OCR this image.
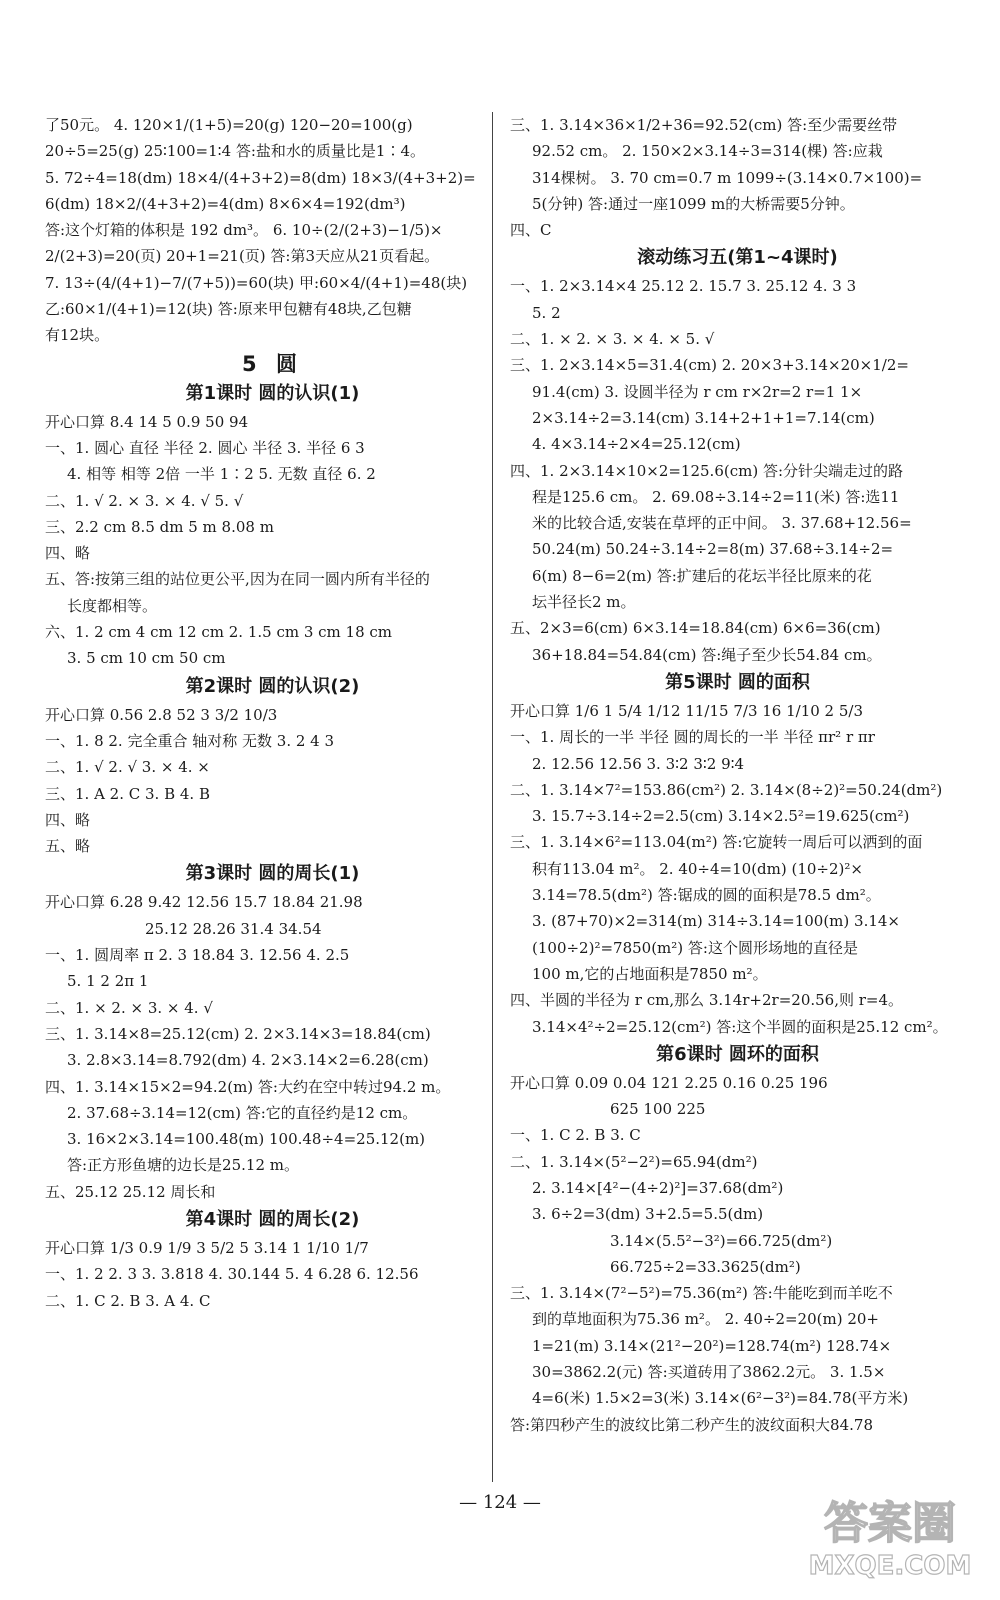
了50元。 4. 120×1/(1+5)=20(g) 120−20=100(g)
20÷5=25(g) 25∶100=1∶4 答:盐和水的质量比是1∶4。
5. 72÷4=18(dm) 18×4/(4+3+2)=8(dm) 18×3/(4+3+2)=
6(dm) 18×2/(4+3+2)=4(dm) 8×6×4=192(dm³)
答:这个灯箱的体积是 192 dm³。 6. 10÷(2/(2+3)−1/5)×
2/(2+3)=20(页) 20+1=21(页) 答:第3天应从21页看起。
7. 13÷(4/(4+1)−7/(7+5))=60(块) 甲:60×4/(4+1)=48(块)
乙:60×1/(4+1)=12(块) 答:原来甲包糖有48块,乙包糖
有12块。
5 圆
第1课时 圆的认识(1)
开心口算 8.4 14 5 0.9 50 94
一、1. 圆心 直径 半径 2. 圆心 半径 3. 半径 6 3
4. 相等 相等 2倍 一半 1∶2 5. 无数 直径 6. 2
二、1. √ 2. × 3. × 4. √ 5. √
三、2.2 cm 8.5 dm 5 m 8.08 m
四、略
五、答:按第三组的站位更公平,因为在同一圆内所有半径的
长度都相等。
六、1. 2 cm 4 cm 12 cm 2. 1.5 cm 3 cm 18 cm
3. 5 cm 10 cm 50 cm
第2课时 圆的认识(2)
开心口算 0.56 2.8 52 3 3/2 10/3
一、1. 8 2. 完全重合 轴对称 无数 3. 2 4 3
二、1. √ 2. √ 3. × 4. ×
三、1. A 2. C 3. B 4. B
四、略
五、略
第3课时 圆的周长(1)
开心口算 6.28 9.42 12.56 15.7 18.84 21.98
25.12 28.26 31.4 34.54
一、1. 圆周率 π 2. 3 18.84 3. 12.56 4. 2.5
5. 1 2 2π 1
二、1. × 2. × 3. × 4. √
三、1. 3.14×8=25.12(cm) 2. 2×3.14×3=18.84(cm)
3. 2.8×3.14=8.792(dm) 4. 2×3.14×2=6.28(cm)
四、1. 3.14×15×2=94.2(m) 答:大约在空中转过94.2 m。
2. 37.68÷3.14=12(cm) 答:它的直径约是12 cm。
3. 16×2×3.14=100.48(m) 100.48÷4=25.12(m)
答:正方形鱼塘的边长是25.12 m。
五、25.12 25.12 周长和
第4课时 圆的周长(2)
开心口算 1/3 0.9 1/9 3 5/2 5 3.14 1 1/10 1/7
一、1. 2 2. 3 3. 3.818 4. 30.144 5. 4 6.28 6. 12.56
二、1. C 2. B 3. A 4. C
三、1. 3.14×36×1/2+36=92.52(cm) 答:至少需要丝带
92.52 cm。 2. 150×2×3.14÷3=314(棵) 答:应栽
314棵树。 3. 70 cm=0.7 m 1099÷(3.14×0.7×100)=
5(分钟) 答:通过一座1099 m的大桥需要5分钟。
四、C
滚动练习五(第1~4课时)
一、1. 2×3.14×4 25.12 2. 15.7 3. 25.12 4. 3 3
5. 2
二、1. × 2. × 3. × 4. × 5. √
三、1. 2×3.14×5=31.4(cm) 2. 20×3+3.14×20×1/2=
91.4(cm) 3. 设圆半径为 r cm r×2r=2 r=1 1×
2×3.14÷2=3.14(cm) 3.14+2+1+1=7.14(cm)
4. 4×3.14÷2×4=25.12(cm)
四、1. 2×3.14×10×2=125.6(cm) 答:分针尖端走过的路
程是125.6 cm。 2. 69.08÷3.14÷2=11(米) 答:选11
米的比较合适,安装在草坪的正中间。 3. 37.68+12.56=
50.24(m) 50.24÷3.14÷2=8(m) 37.68÷3.14÷2=
6(m) 8−6=2(m) 答:扩建后的花坛半径比原来的花
坛半径长2 m。
五、2×3=6(cm) 6×3.14=18.84(cm) 6×6=36(cm)
36+18.84=54.84(cm) 答:绳子至少长54.84 cm。
第5课时 圆的面积
开心口算 1/6 1 5/4 1/12 11/15 7/3 16 1/10 2 5/3
一、1. 周长的一半 半径 圆的周长的一半 半径 πr² r πr
2. 12.56 12.56 3. 3∶2 3∶2 9∶4
二、1. 3.14×7²=153.86(cm²) 2. 3.14×(8÷2)²=50.24(dm²)
3. 15.7÷3.14÷2=2.5(cm) 3.14×2.5²=19.625(cm²)
三、1. 3.14×6²=113.04(m²) 答:它旋转一周后可以洒到的面
积有113.04 m²。 2. 40÷4=10(dm) (10÷2)²×
3.14=78.5(dm²) 答:锯成的圆的面积是78.5 dm²。
3. (87+70)×2=314(m) 314÷3.14=100(m) 3.14×
(100÷2)²=7850(m²) 答:这个圆形场地的直径是
100 m,它的占地面积是7850 m²。
四、半圆的半径为 r cm,那么 3.14r+2r=20.56,则 r=4。
3.14×4²÷2=25.12(cm²) 答:这个半圆的面积是25.12 cm²。
第6课时 圆环的面积
开心口算 0.09 0.04 121 2.25 0.16 0.25 196
625 100 225
一、1. C 2. B 3. C
二、1. 3.14×(5²−2²)=65.94(dm²)
2. 3.14×[4²−(4÷2)²]=37.68(dm²)
3. 6÷2=3(dm) 3+2.5=5.5(dm)
3.14×(5.5²−3²)=66.725(dm²)
66.725÷2=33.3625(dm²)
三、1. 3.14×(7²−5²)=75.36(m²) 答:牛能吃到而羊吃不
到的草地面积为75.36 m²。 2. 40÷2=20(m) 20+
1=21(m) 3.14×(21²−20²)=128.74(m²) 128.74×
30=3862.2(元) 答:买道砖用了3862.2元。 3. 1.5×
4=6(米) 1.5×2=3(米) 3.14×(6²−3²)=84.78(平方米)
答:第四秒产生的波纹比第二秒产生的波纹面积大84.78
— 124 —	答案圈
MXQE.COM
